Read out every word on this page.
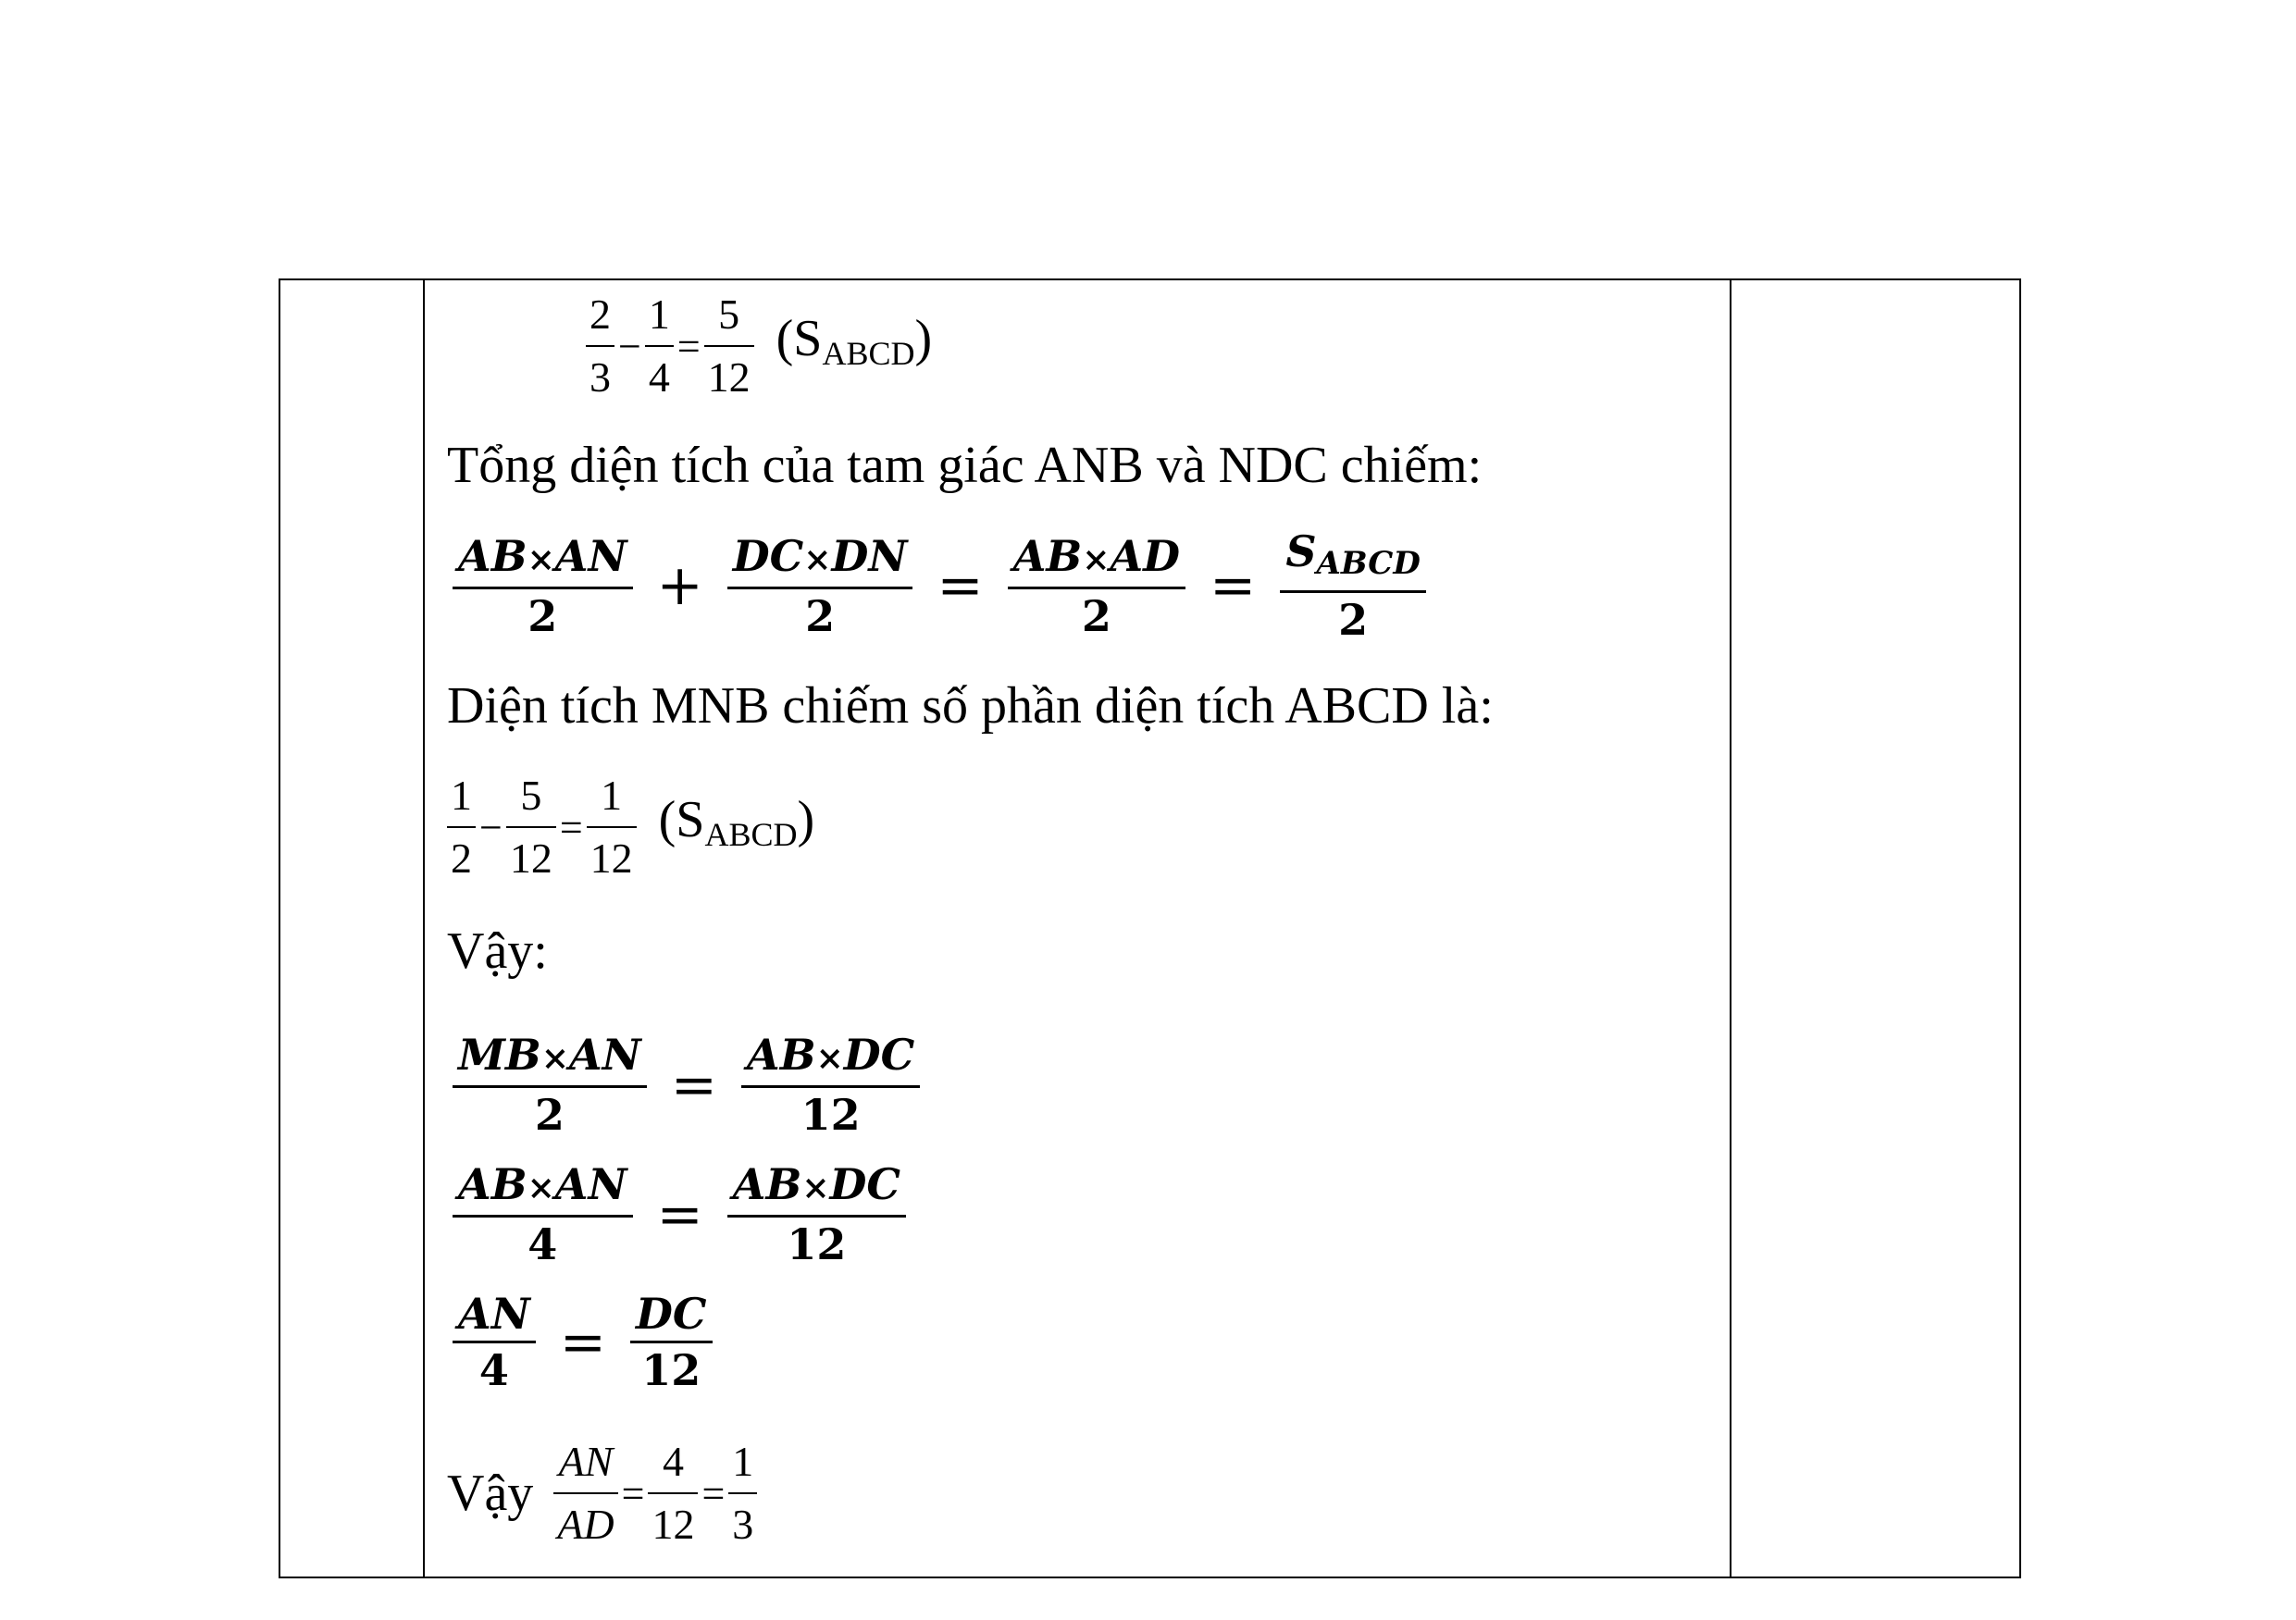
$\frac{2}{3} - \frac{1}{4} = \frac{5}{12} (S_{ABCD})$
Tổng diện tích của tam giác ANB và NDC chiếm:
$\frac{AB\times AN}{2} + \frac{DC\times DN}{2} = \frac{AB\times AD}{2} = \frac{\text{SABCD}}{2}$
Diện tích MNB chiếm số phần diện tích ABCD là:
$\frac{1}{2} - \frac{5}{12} = \frac{1}{12} (S_{ABCD})$
Vậy:
$\frac{MB\times AN}{2} = \frac{AB\times DC}{12}$
$\frac{AB\times AN}{4} = \frac{AB\times DC}{12}$
$\frac{AN}{4} = \frac{DC}{12}$
Vậy $\frac{AN}{AD} = \frac{4}{12} = \frac{1}{3}$
